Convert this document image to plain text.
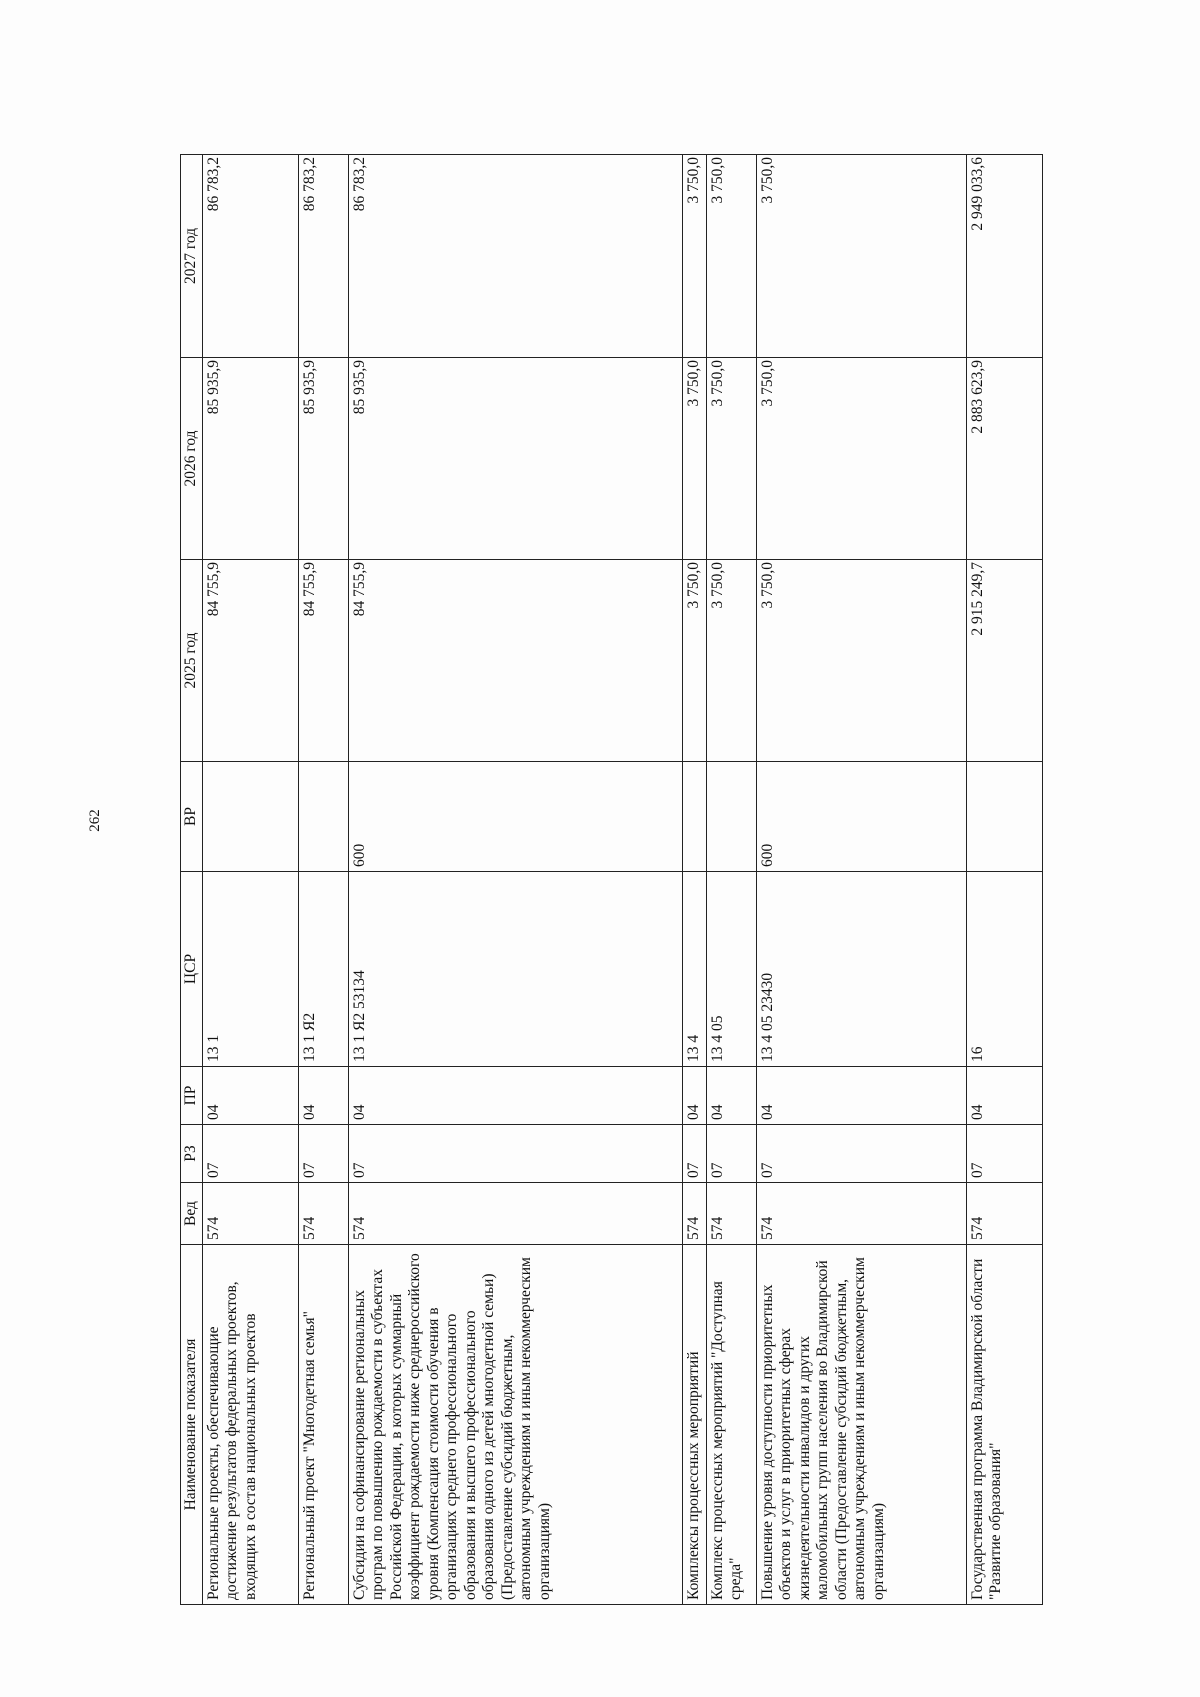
262
Наименование показателя	Вед	РЗ	ПР	ЦСР	ВР	2025 год	2026 год	2027 год
Региональные проекты, обеспечивающие достижение результатов федеральных проектов, входящих в состав национальных проектов	574	07	04	13 1		84 755,9	85 935,9	86 783,2
Региональный проект "Многодетная семья"	574	07	04	13 1 Я2		84 755,9	85 935,9	86 783,2
Субсидии на софинансирование региональных програм по повышению рождаемости в субъектах Российской Федерации, в которых суммарный коэффициент рождаемости ниже среднероссийского уровня (Компенсация стоимости обучения в организациях среднего профессионального образования и высшего профессионального образования одного из детей многодетной семьи) (Предоставление субсидий бюджетным, автономным учреждениям и иным некоммерческим организациям)	574	07	04	13 1 Я2 53134	600	84 755,9	85 935,9	86 783,2
Комплексы процессных мероприятий	574	07	04	13 4		3 750,0	3 750,0	3 750,0
Комплекс процессных мероприятий "Доступная среда"	574	07	04	13 4 05		3 750,0	3 750,0	3 750,0
Повышение уровня доступности приоритетных объектов и услуг в приоритетных сферах жизнедеятельности инвалидов и других маломобильных групп населения во Владимирской области (Предоставление субсидий бюджетным, автономным учреждениям и иным некоммерческим организациям)	574	07	04	13 4 05 23430	600	3 750,0	3 750,0	3 750,0
Государственная программа Владимирской области "Развитие образования"	574	07	04	16		2 915 249,7	2 883 623,9	2 949 033,6
